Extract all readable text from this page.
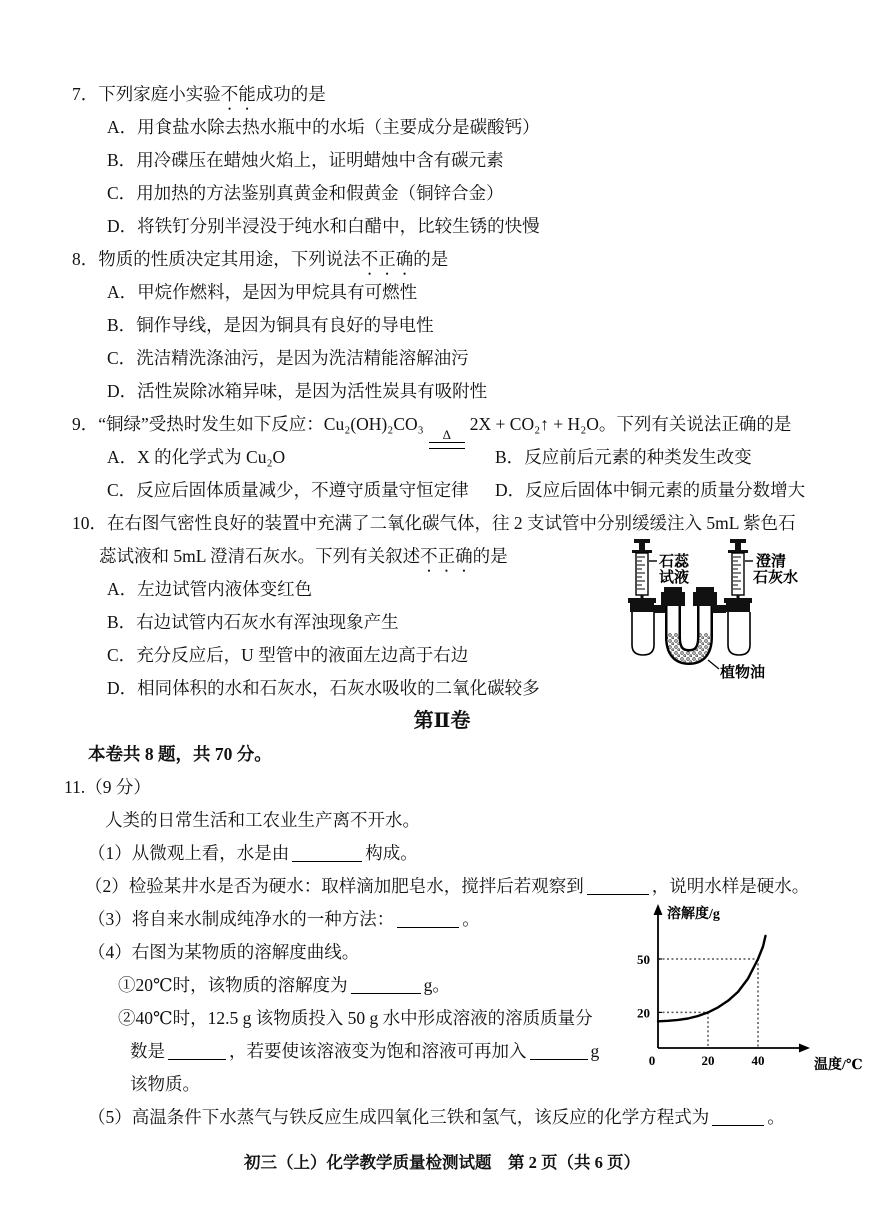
7．下列家庭小实验不能成功的是
A．用食盐水除去热水瓶中的水垢（主要成分是碳酸钙）
B．用冷碟压在蜡烛火焰上，证明蜡烛中含有碳元素
C．用加热的方法鉴别真黄金和假黄金（铜锌合金）
D．将铁钉分别半浸没于纯水和白醋中，比较生锈的快慢
8．物质的性质决定其用途，下列说法不正确的是
A．甲烷作燃料，是因为甲烷具有可燃性
B．铜作导线，是因为铜具有良好的导电性
C．洗洁精洗涤油污，是因为洗洁精能溶解油污
D．活性炭除冰箱异味，是因为活性炭具有吸附性
9．“铜绿”受热时发生如下反应：Cu₂(OH)₂CO₃
Δ
2X + CO₂↑ + H₂O。下列有关说法正确的是
A．X 的化学式为 Cu₂O	B．反应前后元素的种类发生改变
C．反应后固体质量减少，不遵守质量守恒定律 D．反应后固体中铜元素的质量分数增大
10．在右图气密性良好的装置中充满了二氧化碳气体，往 2 支试管中分别缓缓注入 5mL 紫色石
蕊试液和 5mL 澄清石灰水。下列有关叙述不正确的是
A．左边试管内液体变红色
B．右边试管内石灰水有浑浊现象产生
C．充分反应后，U 型管中的液面左边高于右边
D．相同体积的水和石灰水，石灰水吸收的二氧化碳较多
第Ⅱ卷
本卷共 8 题，共 70 分。
11.（9 分）
人类的日常生活和工农业生产离不开水。
（1）从微观上看，水是由	构成。
（2）检验某井水是否为硬水：取样滴加肥皂水，搅拌后若观察到	，说明水样是硬水。
（3）将自来水制成纯净水的一种方法：	。
（4）右图为某物质的溶解度曲线。
①20℃时，该物质的溶解度为	g。
②40℃时，12.5 g 该物质投入 50 g 水中形成溶液的溶质质量分
数是	，若要使该溶液变为饱和溶液可再加入	g
该物质。
（5）高温条件下水蒸气与铁反应生成四氧化三铁和氢气，该反应的化学方程式为	。
初三（上）化学教学质量检测试题　第 2 页（共 6 页）
石蕊
试液
澄清
石灰水
植物油
溶解度/g
温度/℃
0	20	40
20
50
